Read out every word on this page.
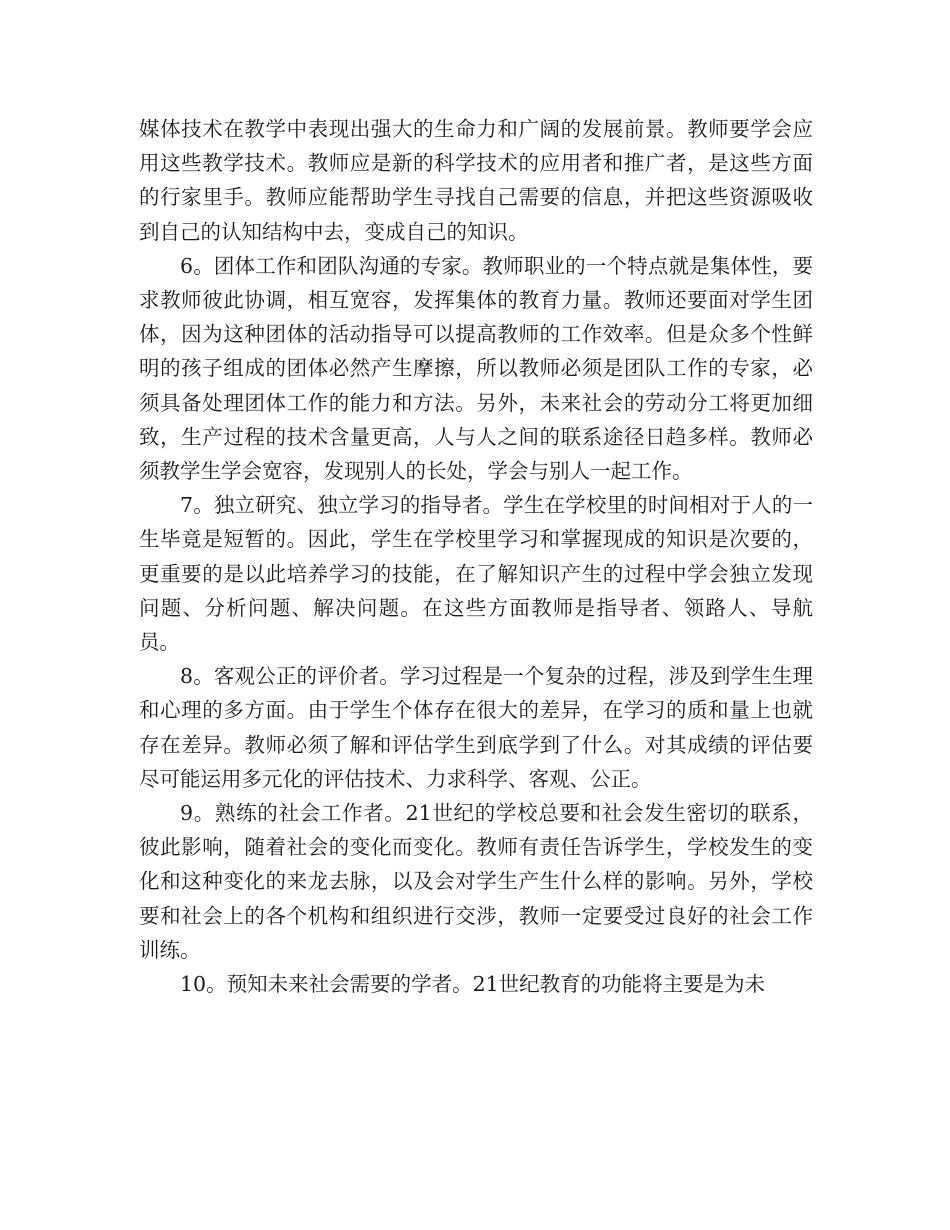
媒体技术在教学中表现出强大的生命力和广阔的发展前景。教师要学会应用这些教学技术。教师应是新的科学技术的应用者和推广者，是这些方面的行家里手。教师应能帮助学生寻找自己需要的信息，并把这些资源吸收到自己的认知结构中去，变成自己的知识。

6。团体工作和团队沟通的专家。教师职业的一个特点就是集体性，要求教师彼此协调，相互宽容，发挥集体的教育力量。教师还要面对学生团体，因为这种团体的活动指导可以提高教师的工作效率。但是众多个性鲜明的孩子组成的团体必然产生摩擦，所以教师必须是团队工作的专家，必须具备处理团体工作的能力和方法。另外，未来社会的劳动分工将更加细致，生产过程的技术含量更高，人与人之间的联系途径日趋多样。教师必须教学生学会宽容，发现别人的长处，学会与别人一起工作。

7。独立研究、独立学习的指导者。学生在学校里的时间相对于人的一生毕竟是短暂的。因此，学生在学校里学习和掌握现成的知识是次要的，更重要的是以此培养学习的技能，在了解知识产生的过程中学会独立发现问题、分析问题、解决问题。在这些方面教师是指导者、领路人、导航员。

8。客观公正的评价者。学习过程是一个复杂的过程，涉及到学生生理和心理的多方面。由于学生个体存在很大的差异，在学习的质和量上也就存在差异。教师必须了解和评估学生到底学到了什么。对其成绩的评估要尽可能运用多元化的评估技术、力求科学、客观、公正。

9。熟练的社会工作者。21世纪的学校总要和社会发生密切的联系，彼此影响，随着社会的变化而变化。教师有责任告诉学生，学校发生的变化和这种变化的来龙去脉，以及会对学生产生什么样的影响。另外，学校要和社会上的各个机构和组织进行交涉，教师一定要受过良好的社会工作训练。

10。预知未来社会需要的学者。21世纪教育的功能将主要是为未
